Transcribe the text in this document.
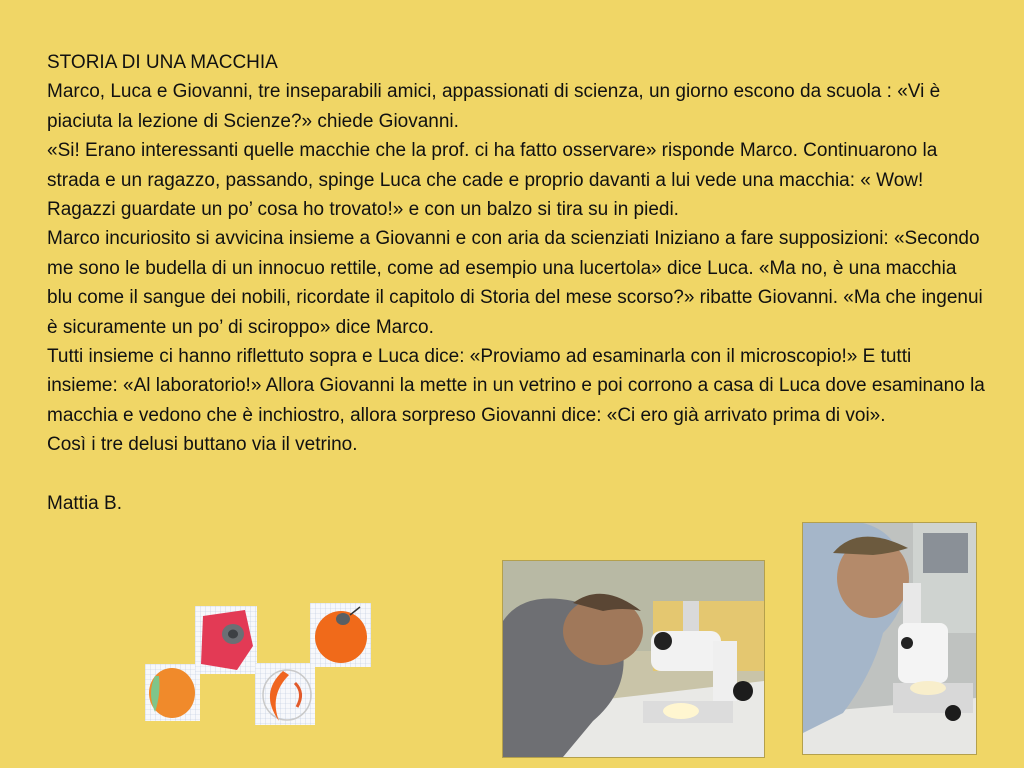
STORIA DI UNA MACCHIA

Marco, Luca e Giovanni, tre inseparabili amici, appassionati di scienza, un giorno escono da scuola : «Vi è piaciuta la lezione di Scienze?» chiede Giovanni.

«Si! Erano interessanti quelle macchie che la prof. ci ha fatto osservare» risponde Marco. Continuarono la strada e un ragazzo, passando, spinge Luca che cade e proprio davanti a lui vede una macchia: « Wow! Ragazzi guardate un po’ cosa ho trovato!» e con un balzo si tira su in piedi.

Marco incuriosito si avvicina insieme a Giovanni e con aria da scienziati Iniziano a fare supposizioni: «Secondo me sono le budella di un innocuo rettile, come ad esempio una lucertola» dice Luca. «Ma no, è una macchia blu come il sangue dei nobili, ricordate il capitolo di Storia del mese scorso?» ribatte Giovanni. «Ma che ingenui è sicuramente un po’ di sciroppo» dice Marco.

Tutti insieme ci hanno riflettuto sopra e Luca dice: «Proviamo ad esaminarla con il microscopio!» E tutti insieme: «Al laboratorio!» Allora Giovanni la mette in un vetrino e poi corrono a casa di Luca dove esaminano la macchia e vedono che è inchiostro, allora sorpreso Giovanni dice: «Ci ero già arrivato prima di voi».

Così i tre delusi buttano via il vetrino.

Mattia B.
